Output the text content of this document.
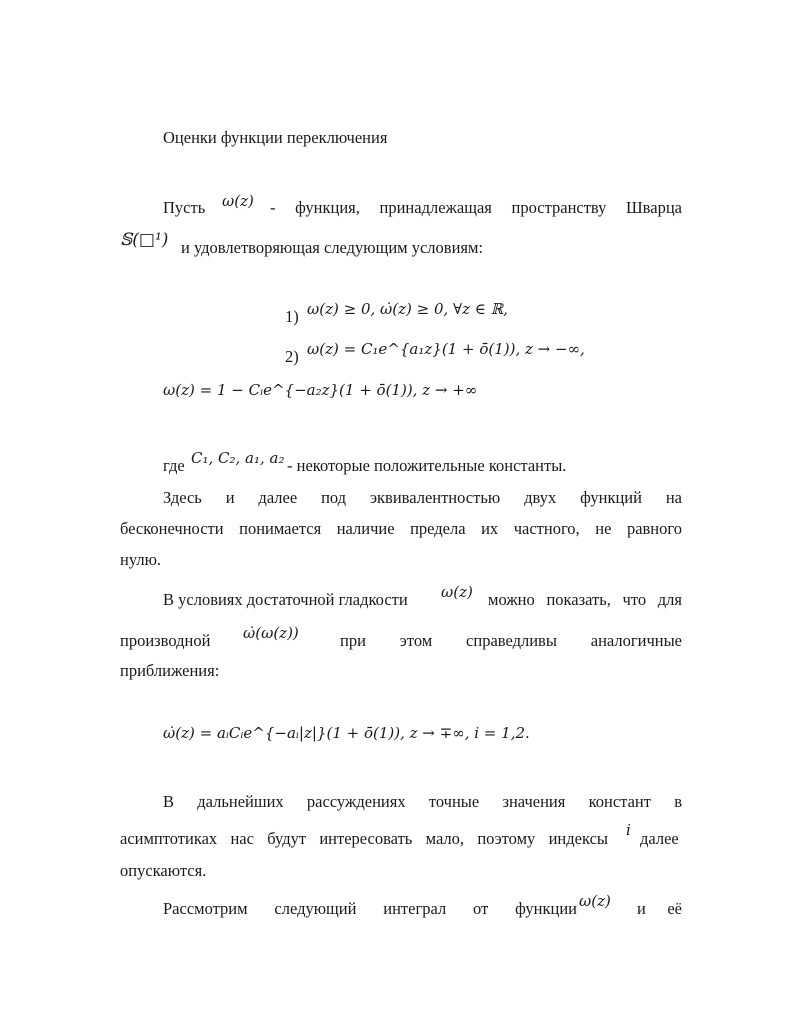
Оценки функции переключения
Пусть ω(z) - функция, принадлежащая пространству Шварца
𝕊(□¹) и удовлетворяющая следующим условиям:
1) ω(z) ≥ 0, ω̇(z) ≥ 0, ∀z ∈ ℝ,
2) ω(z) = C₁e^{a₁z}(1 + ō̄(1)), z → −∞,
ω(z) = 1 − Cᵢe^{−a₂z}(1 + ō̄(1)), z → +∞
где C₁, C₂, a₁, a₂ - некоторые положительные константы.
Здесь и далее под эквивалентностью двух функций на
бесконечности понимается наличие предела их частного, не равного
нулю.
В условиях достаточной гладкости ω(z) можно показать, что для
производной ω̇(ω(z)) при этом справедливы аналогичные
приближения:
ω̇(z) = aᵢCᵢe^{−aᵢ|z|}(1 + ō̄(1)), z → ∓∞, i = 1,2.
В дальнейших рассуждениях точные значения констант в
асимптотиках нас будут интересовать мало, поэтому индексы i далее
опускаются.
Рассмотрим следующий интеграл от функции ω(z) и её
